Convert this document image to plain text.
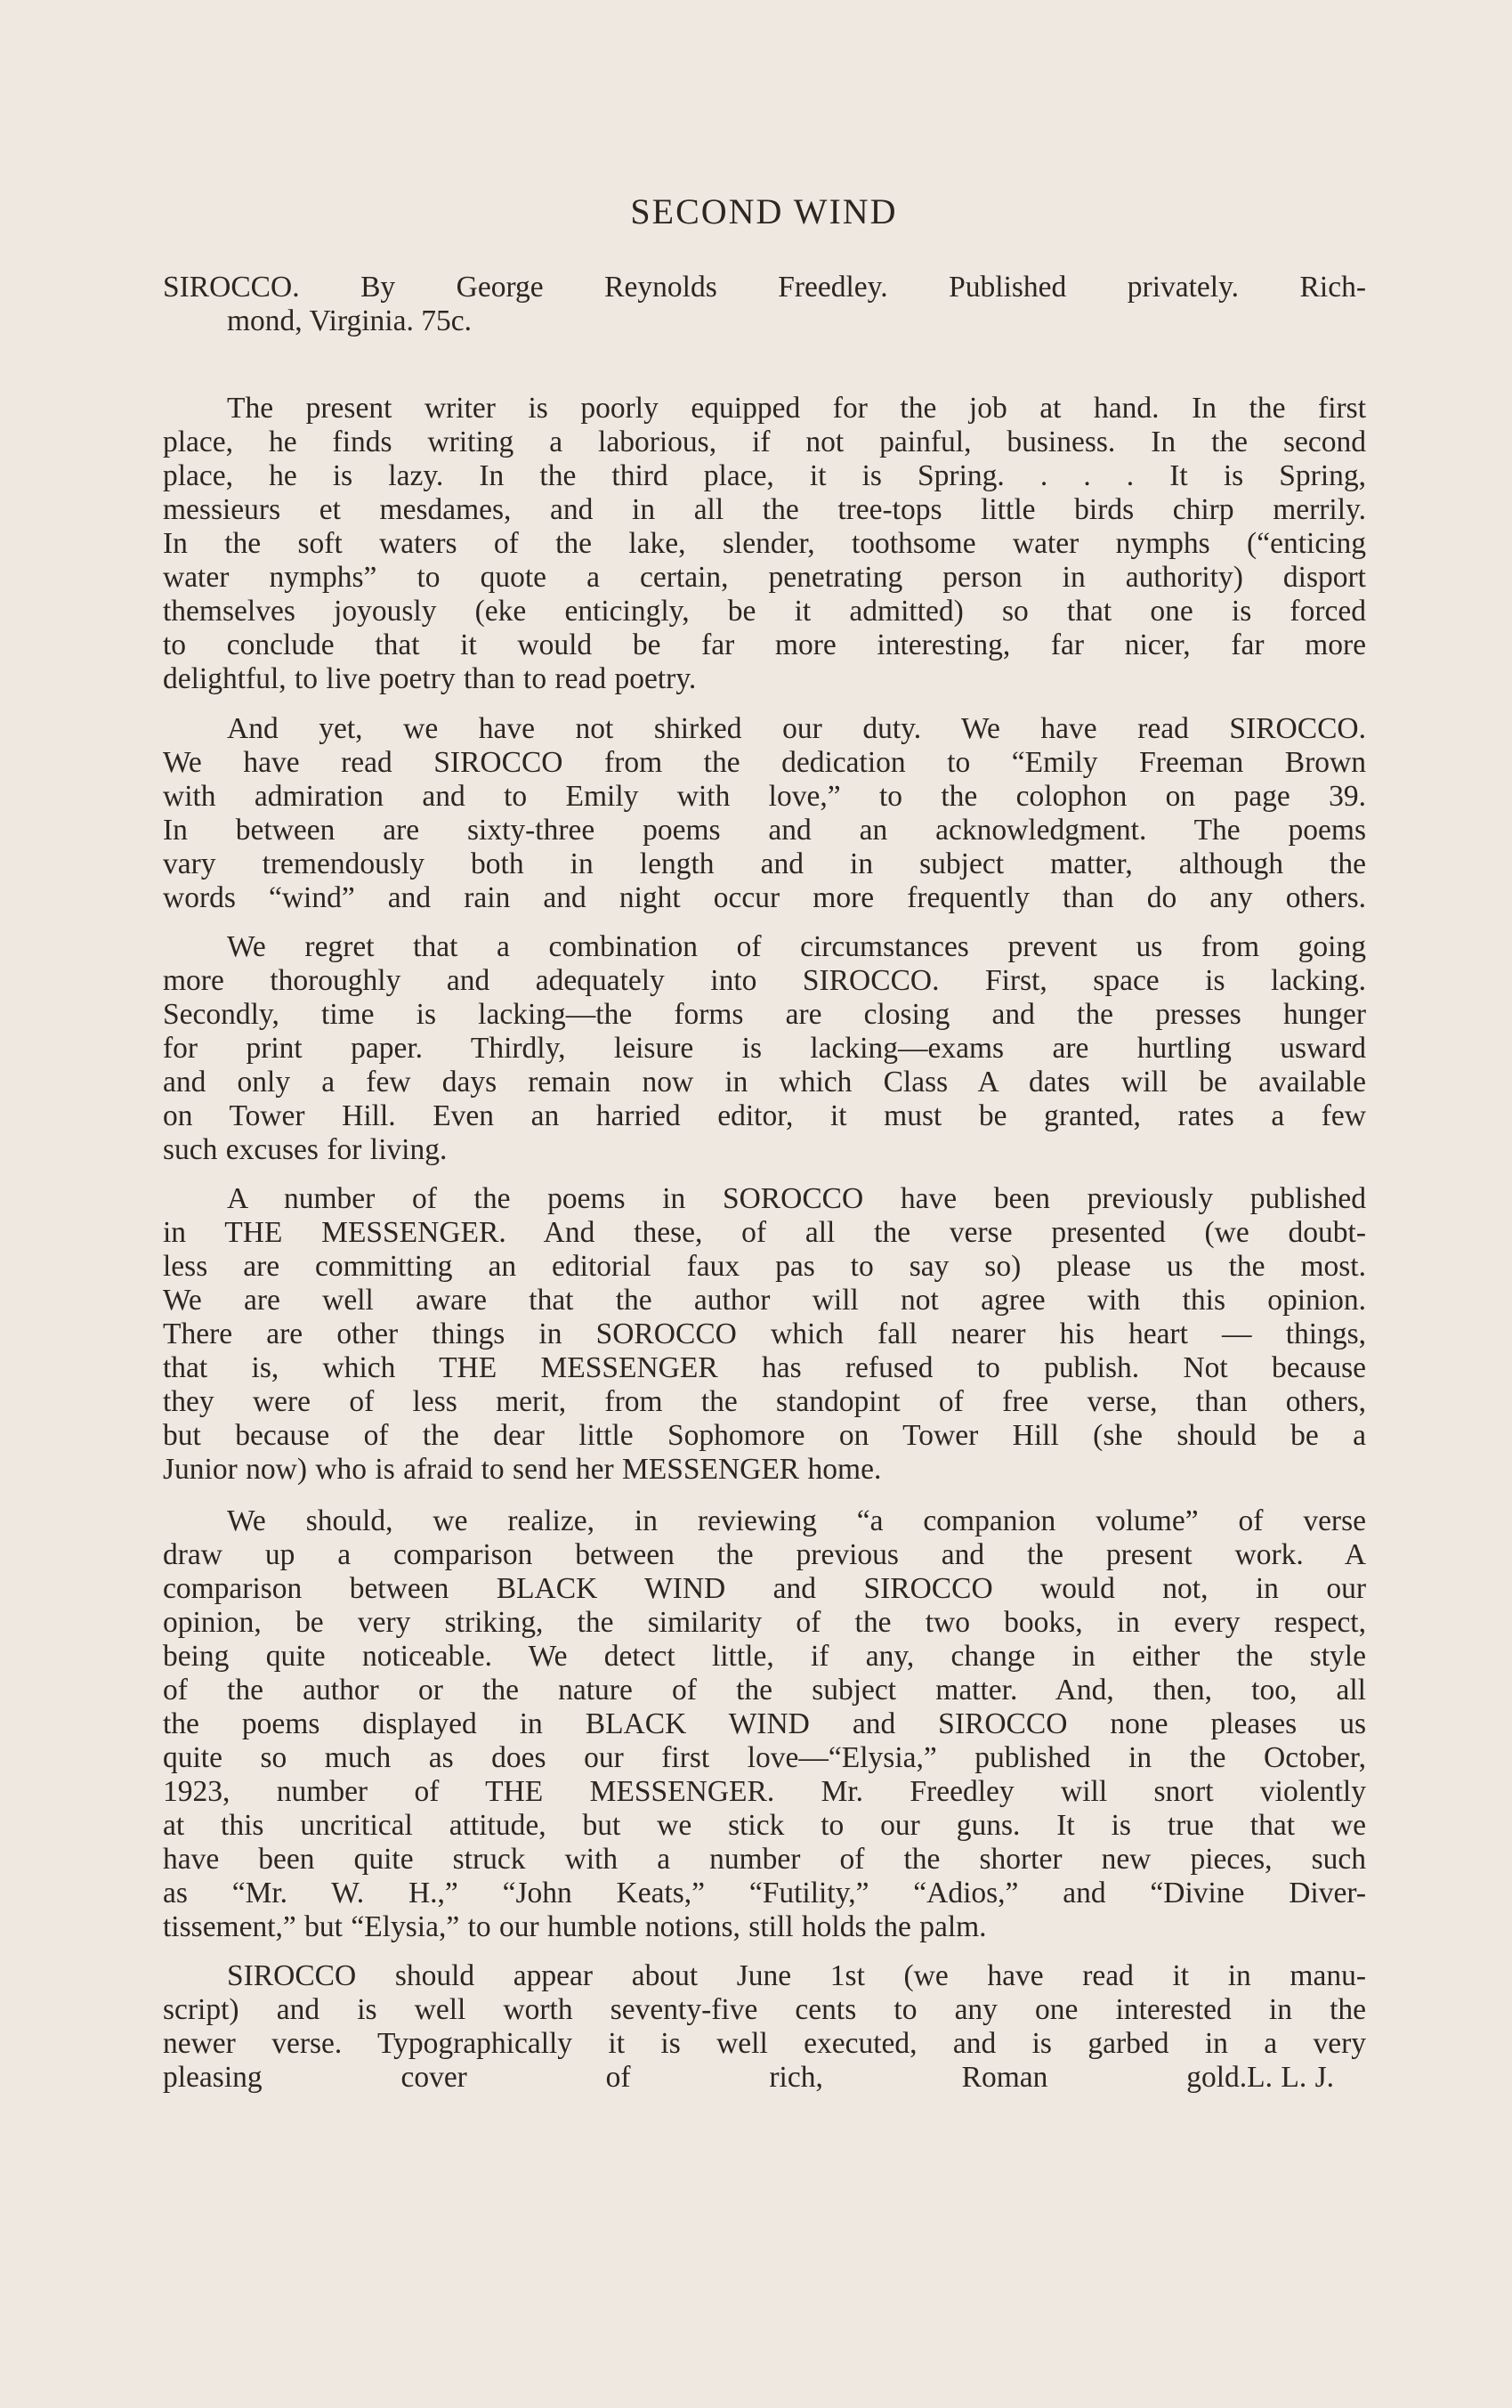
SECOND WIND
SIROCCO. By George Reynolds Freedley. Published privately. Rich-
mond, Virginia. 75c.
The present writer is poorly equipped for the job at hand. In the first
place, he finds writing a laborious, if not painful, business. In the second
place, he is lazy. In the third place, it is Spring. . . . It is Spring,
messieurs et mesdames, and in all the tree-tops little birds chirp merrily.
In the soft waters of the lake, slender, toothsome water nymphs (“enticing
water nymphs” to quote a certain, penetrating person in authority) disport
themselves joyously (eke enticingly, be it admitted) so that one is forced
to conclude that it would be far more interesting, far nicer, far more
delightful, to live poetry than to read poetry.
And yet, we have not shirked our duty. We have read SIROCCO.
We have read SIROCCO from the dedication to “Emily Freeman Brown
with admiration and to Emily with love,” to the colophon on page 39.
In between are sixty-three poems and an acknowledgment. The poems
vary tremendously both in length and in subject matter, although the
words “wind” and rain and night occur more frequently than do any others.
We regret that a combination of circumstances prevent us from going
more thoroughly and adequately into SIROCCO. First, space is lacking.
Secondly, time is lacking—the forms are closing and the presses hunger
for print paper. Thirdly, leisure is lacking—exams are hurtling usward
and only a few days remain now in which Class A dates will be available
on Tower Hill. Even an harried editor, it must be granted, rates a few
such excuses for living.
A number of the poems in SOROCCO have been previously published
in THE MESSENGER. And these, of all the verse presented (we doubt-
less are committing an editorial faux pas to say so) please us the most.
We are well aware that the author will not agree with this opinion.
There are other things in SOROCCO which fall nearer his heart — things,
that is, which THE MESSENGER has refused to publish. Not because
they were of less merit, from the standopint of free verse, than others,
but because of the dear little Sophomore on Tower Hill (she should be a
Junior now) who is afraid to send her MESSENGER home.
We should, we realize, in reviewing “a companion volume” of verse
draw up a comparison between the previous and the present work. A
comparison between BLACK WIND and SIROCCO would not, in our
opinion, be very striking, the similarity of the two books, in every respect,
being quite noticeable. We detect little, if any, change in either the style
of the author or the nature of the subject matter. And, then, too, all
the poems displayed in BLACK WIND and SIROCCO none pleases us
quite so much as does our first love—“Elysia,” published in the October,
1923, number of THE MESSENGER. Mr. Freedley will snort violently
at this uncritical attitude, but we stick to our guns. It is true that we
have been quite struck with a number of the shorter new pieces, such
as “Mr. W. H.,” “John Keats,” “Futility,” “Adios,” and “Divine Diver-
tissement,” but “Elysia,” to our humble notions, still holds the palm.
SIROCCO should appear about June 1st (we have read it in manu-
script) and is well worth seventy-five cents to any one interested in the
newer verse. Typographically it is well executed, and is garbed in a very
pleasing cover of rich, Roman gold. L. L. J.
